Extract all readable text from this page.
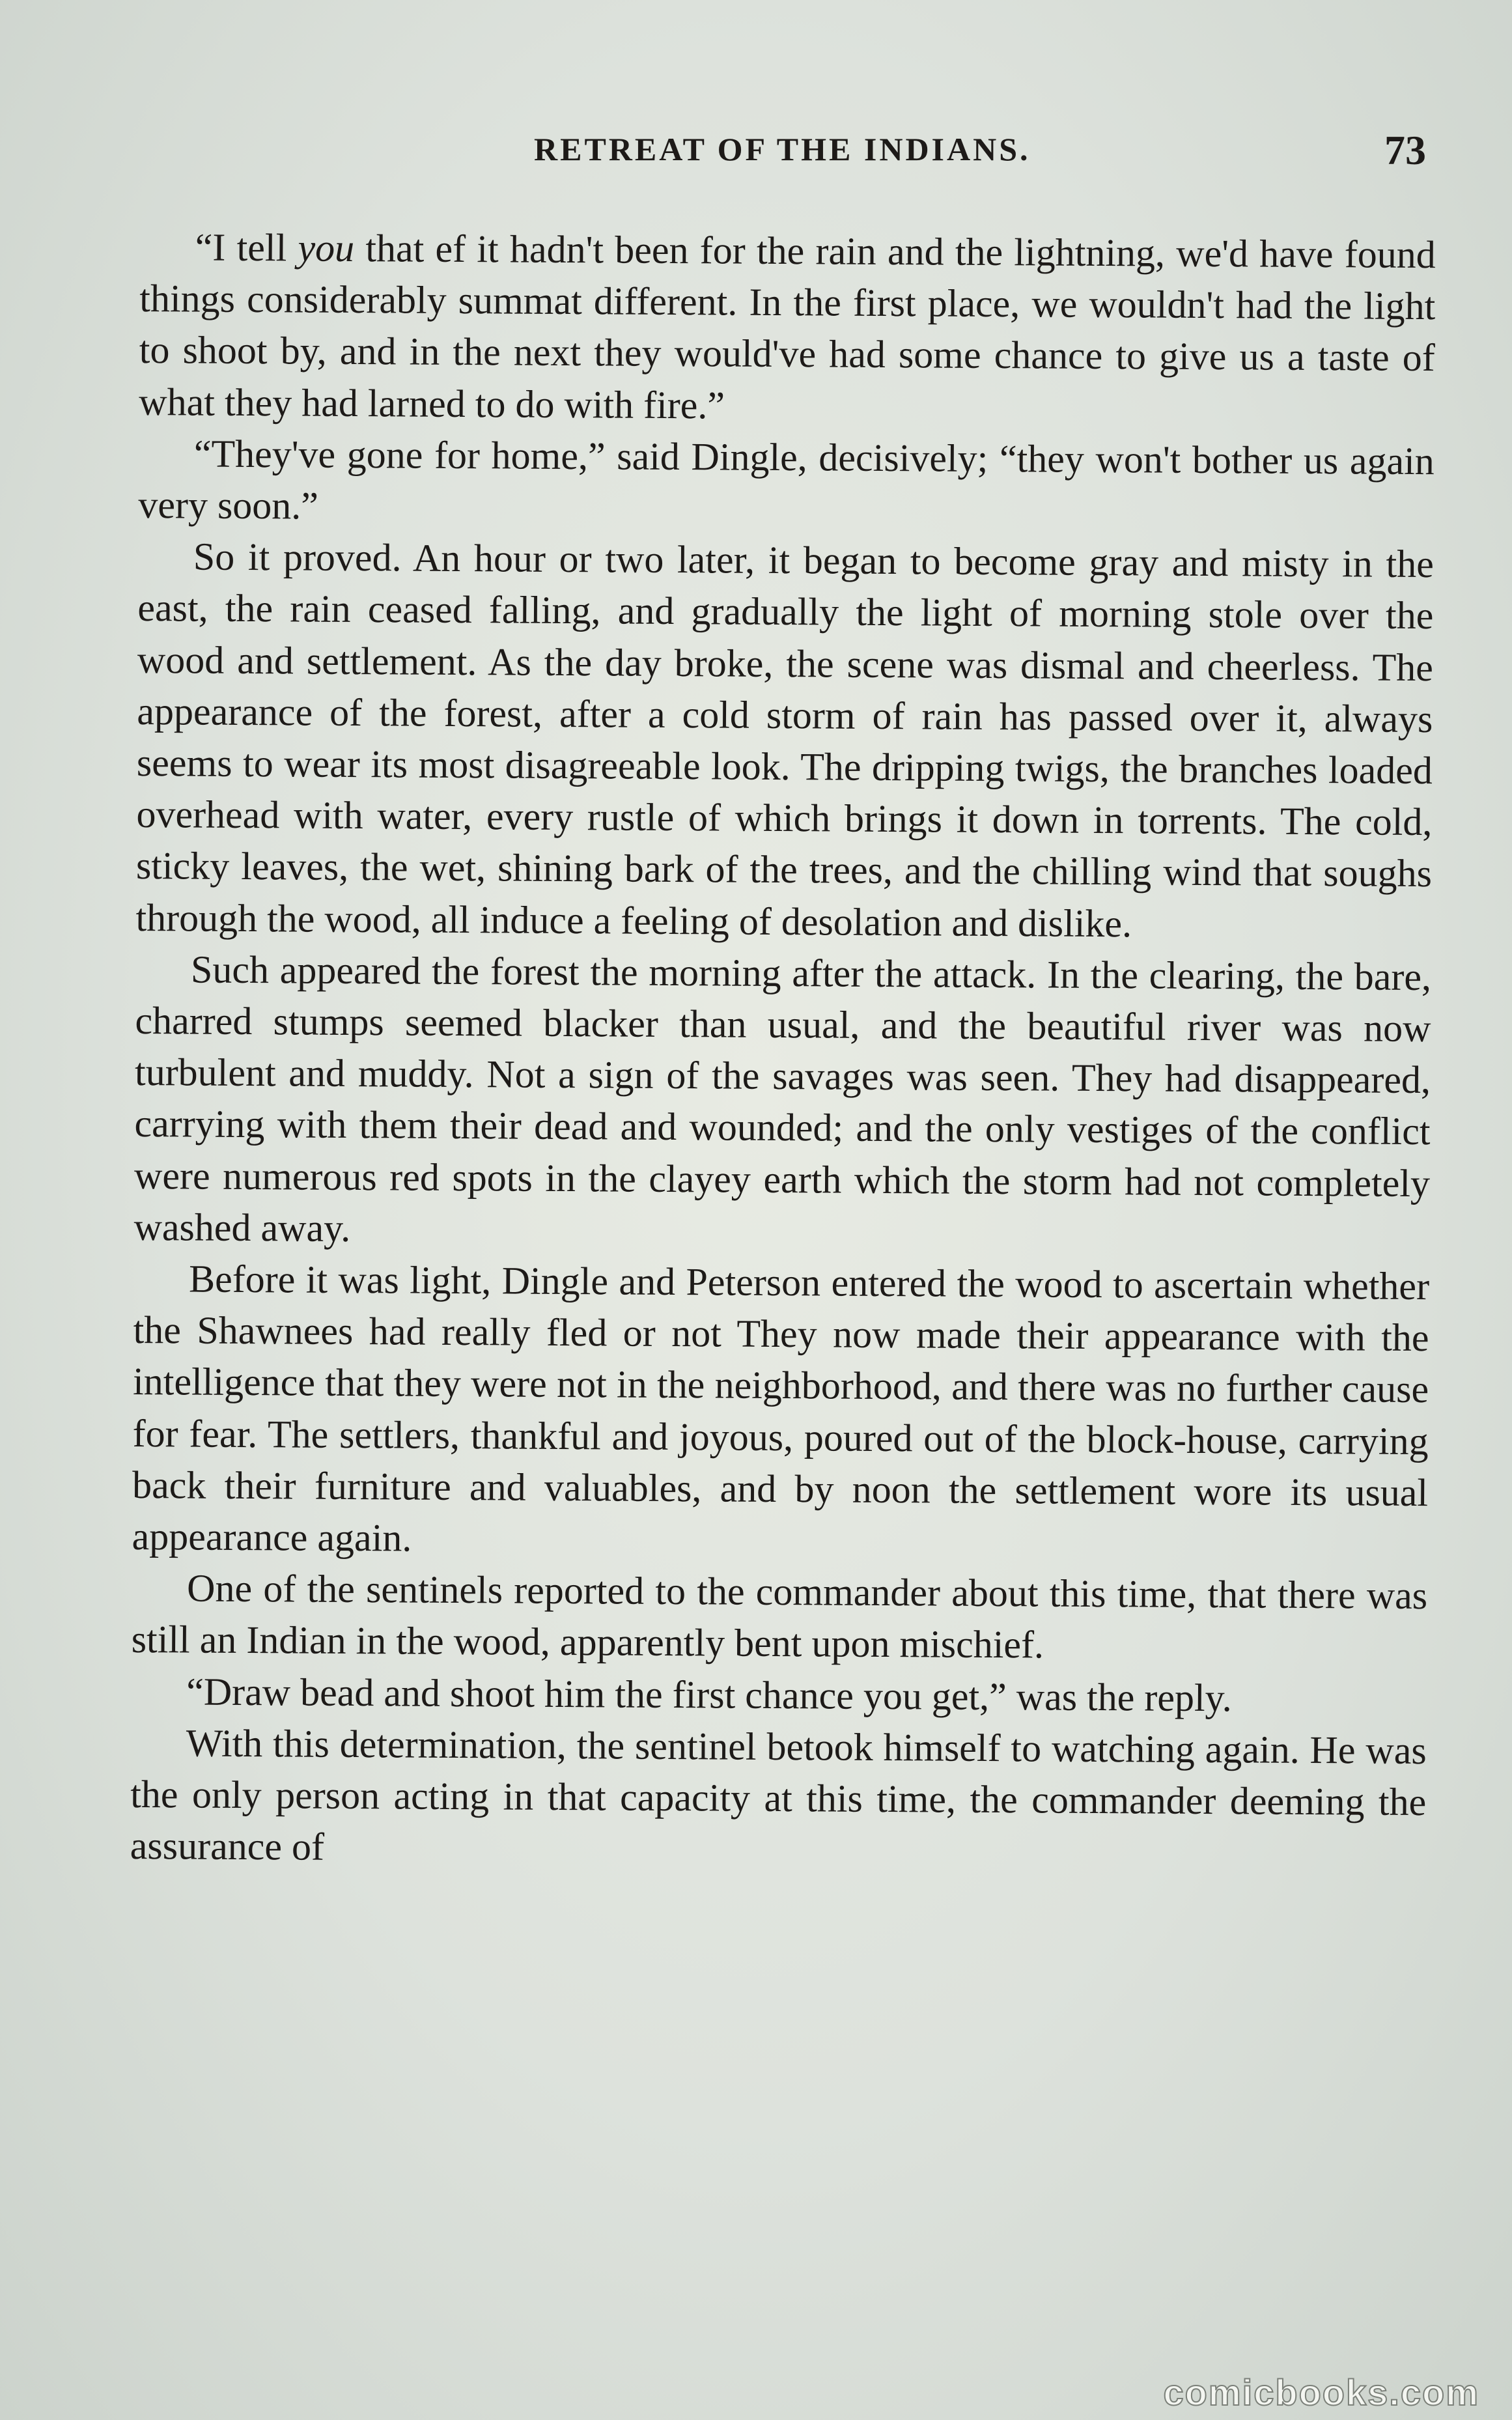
RETREAT OF THE INDIANS.	73

“I tell you that ef it hadn't been for the rain and the lightning, we'd have found things considerably summat different. In the first place, we wouldn't had the light to shoot by, and in the next they would've had some chance to give us a taste of what they had larned to do with fire.”

“They've gone for home,” said Dingle, decisively; “they won't bother us again very soon.”

So it proved. An hour or two later, it began to become gray and misty in the east, the rain ceased falling, and gradually the light of morning stole over the wood and settlement. As the day broke, the scene was dismal and cheerless. The appearance of the forest, after a cold storm of rain has passed over it, always seems to wear its most disagreeable look. The dripping twigs, the branches loaded overhead with water, every rustle of which brings it down in torrents. The cold, sticky leaves, the wet, shining bark of the trees, and the chilling wind that soughs through the wood, all induce a feeling of desolation and dislike.

Such appeared the forest the morning after the attack. In the clearing, the bare, charred stumps seemed blacker than usual, and the beautiful river was now turbulent and muddy. Not a sign of the savages was seen. They had disappeared, carrying with them their dead and wounded; and the only vestiges of the conflict were numerous red spots in the clayey earth which the storm had not completely washed away.

Before it was light, Dingle and Peterson entered the wood to ascertain whether the Shawnees had really fled or not They now made their appearance with the intelligence that they were not in the neighborhood, and there was no further cause for fear. The settlers, thankful and joyous, poured out of the block-house, carrying back their furniture and valuables, and by noon the settlement wore its usual appearance again.

One of the sentinels reported to the commander about this time, that there was still an Indian in the wood, apparently bent upon mischief.

“Draw bead and shoot him the first chance you get,” was the reply.

With this determination, the sentinel betook himself to watching again. He was the only person acting in that capacity at this time, the commander deeming the assurance of

comicbooks.com
